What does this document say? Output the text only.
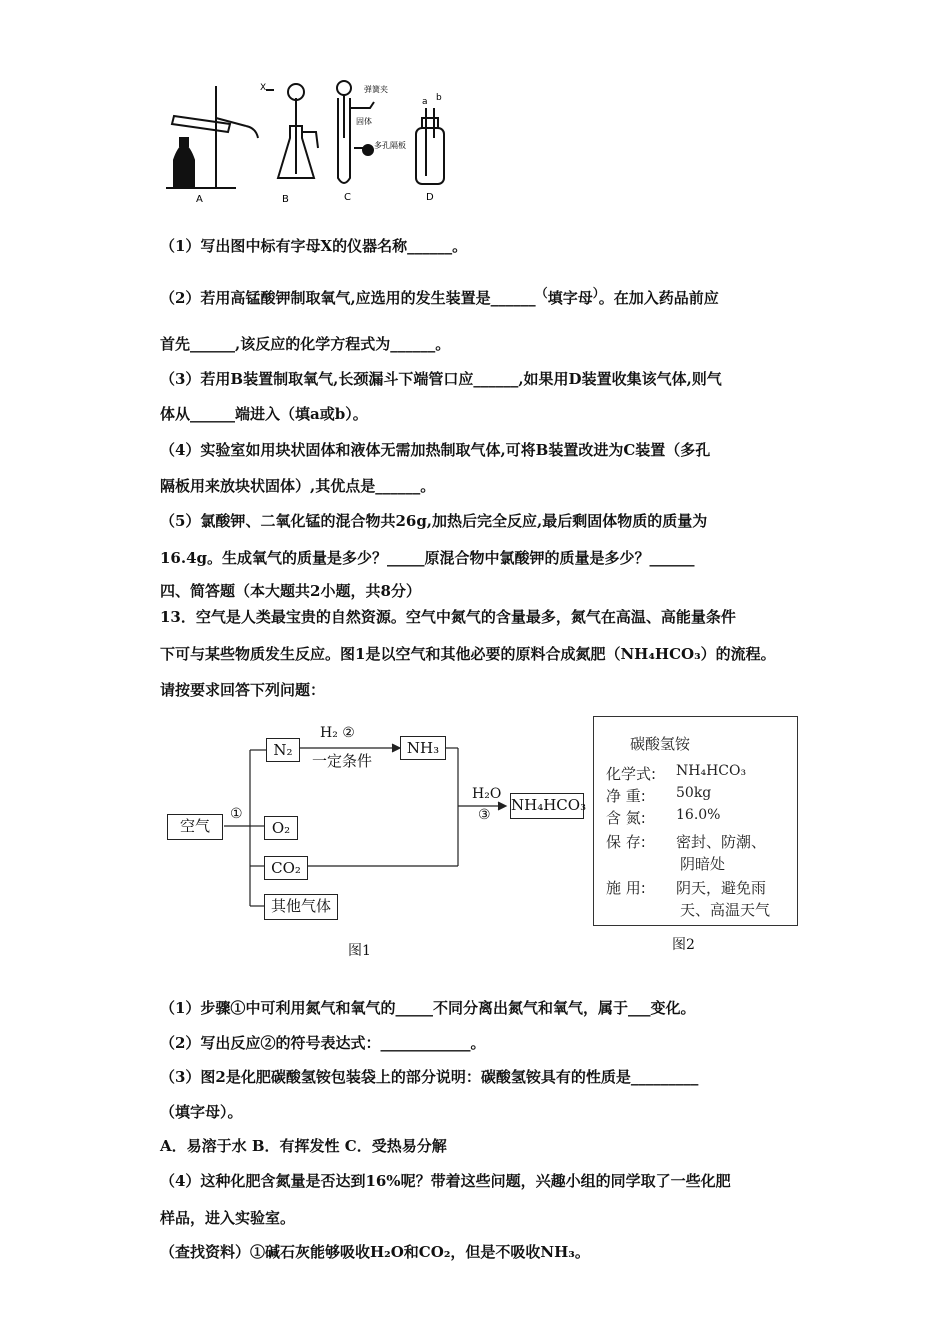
X	弹簧夹
固体
多孔隔板
a b
A	B	C	D
（1）写出图中标有字母X的仪器名称______。
（2）若用高锰酸钾制取氧气,应选用的发生装置是______（填字母）。在加入药品前应
首先______,该反应的化学方程式为______。
（3）若用B装置制取氧气,长颈漏斗下端管口应______,如果用D装置收集该气体,则气
体从______端进入（填a或b）。
（4）实验室如用块状固体和液体无需加热制取气体,可将B装置改进为C装置（多孔
隔板用来放块状固体）,其优点是______。
（5）氯酸钾、二氧化锰的混合物共26g,加热后完全反应,最后剩固体物质的质量为
16.4g。生成氧气的质量是多少？_____原混合物中氯酸钾的质量是多少？______
四、简答题（本大题共2小题，共8分）
13．空气是人类最宝贵的自然资源。空气中氮气的含量最多，氮气在高温、高能量条件
下可与某些物质发生反应。图1是以空气和其他必要的原料合成氮肥（NH₄HCO₃）的流程。
请按要求回答下列问题：
空气
①
N₂
O₂
CO₂
其他气体
H₂ ②
一定条件
NH₃
H₂O
③
NH₄HCO₃
图1
碳酸氢铵
化学式: NH₄HCO₃
净 重: 50kg
含 氮: 16.0%
保 存: 密封、防潮、
阴暗处
施 用: 阴天，避免雨
天、高温天气
图2
（1）步骤①中可利用氮气和氧气的_____不同分离出氮气和氧气，属于___变化。
（2）写出反应②的符号表达式：____________。
（3）图2是化肥碳酸氢铵包装袋上的部分说明：碳酸氢铵具有的性质是_________
（填字母）。
A．易溶于水 B．有挥发性 C．受热易分解
（4）这种化肥含氮量是否达到16%呢？带着这些问题，兴趣小组的同学取了一些化肥
样品，进入实验室。
（查找资料）①碱石灰能够吸收H₂O和CO₂，但是不吸收NH₃。
